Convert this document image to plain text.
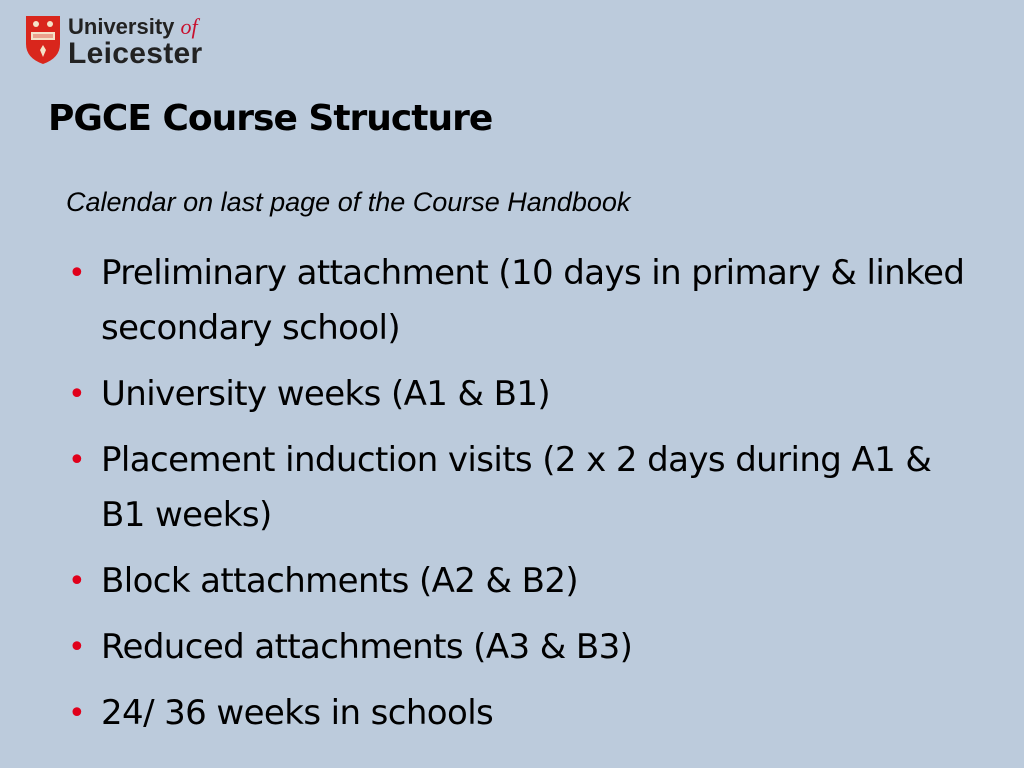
University of
Leicester
PGCE Course Structure

Calendar on last page of the Course Handbook

• Preliminary attachment (10 days in primary & linked secondary school)
• University weeks (A1 & B1)
• Placement induction visits (2 x 2 days during A1 & B1 weeks)
• Block attachments (A2 & B2)
• Reduced attachments (A3 & B3)
• 24/ 36 weeks in schools
